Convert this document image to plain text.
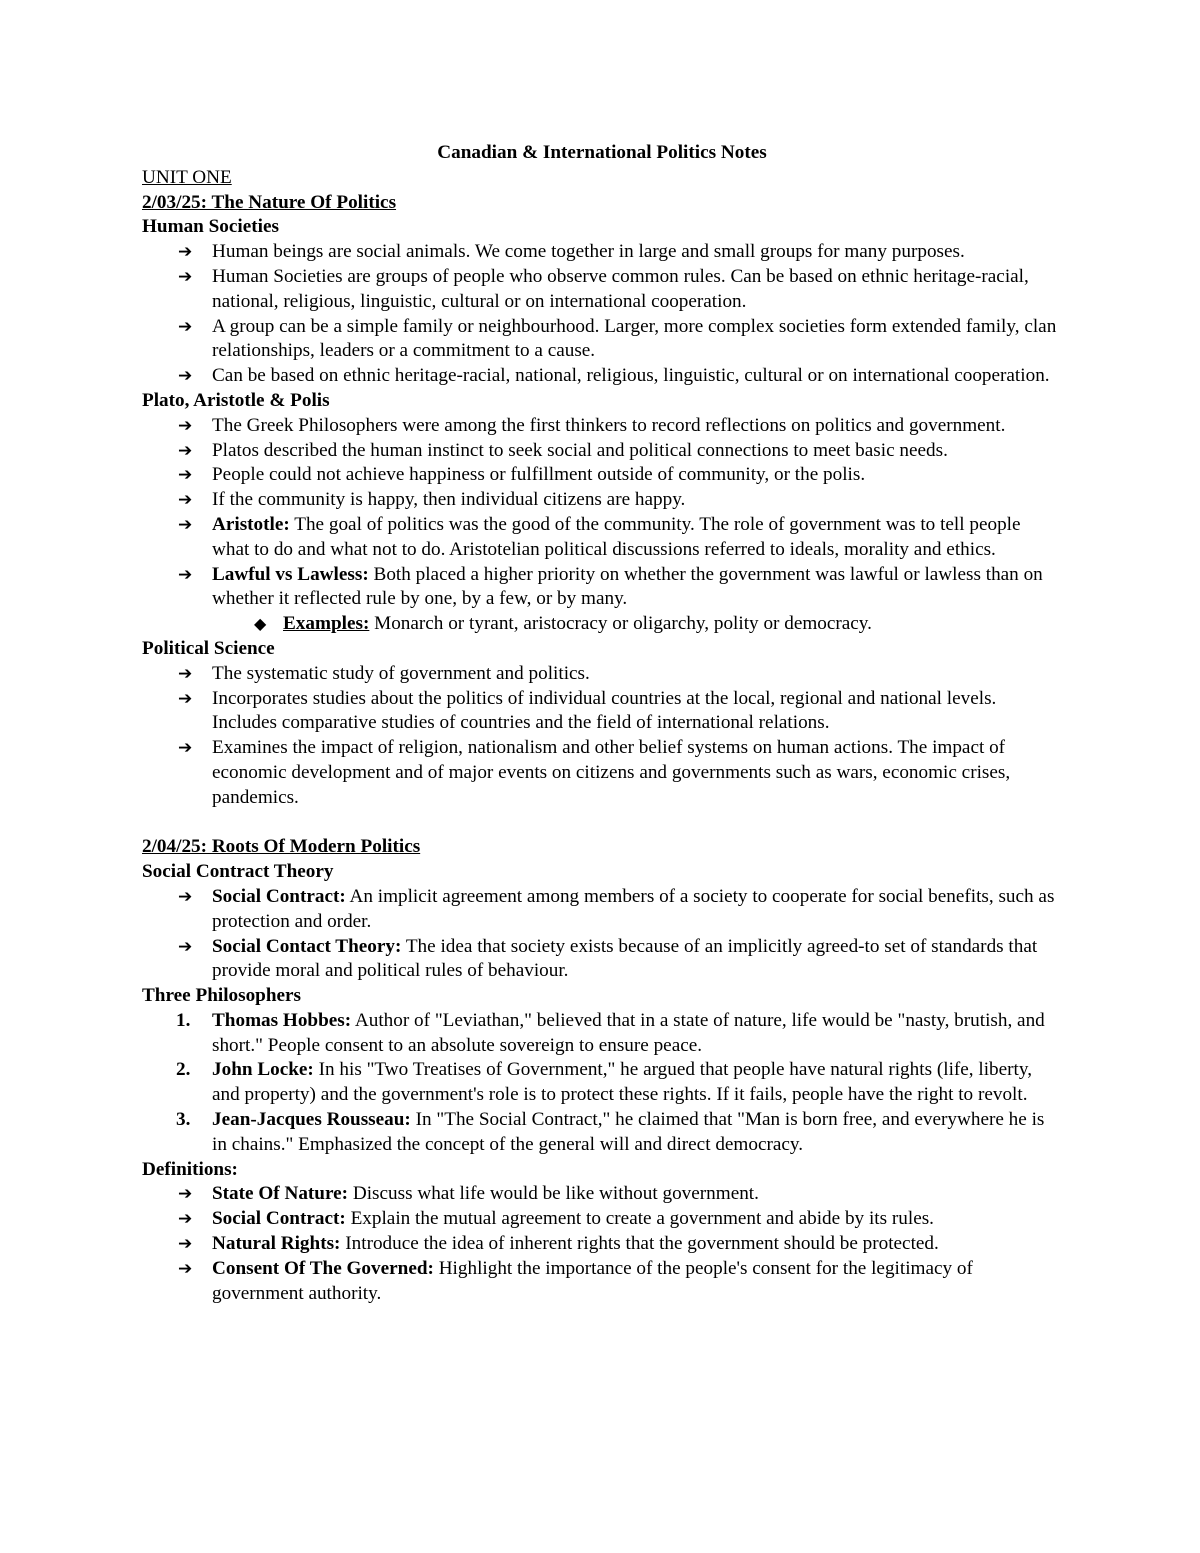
Canadian & International Politics Notes

UNIT ONE

2/03/25: The Nature Of Politics

Human Societies

➔	Human beings are social animals. We come together in large and small groups for many purposes.
➔	Human Societies are groups of people who observe common rules. Can be based on ethnic heritage-racial, national, religious, linguistic, cultural or on international cooperation.
➔	A group can be a simple family or neighbourhood. Larger, more complex societies form extended family, clan relationships, leaders or a commitment to a cause.
➔	Can be based on ethnic heritage-racial, national, religious, linguistic, cultural or on international cooperation.

Plato, Aristotle & Polis

➔	The Greek Philosophers were among the first thinkers to record reflections on politics and government.
➔	Platos described the human instinct to seek social and political connections to meet basic needs.
➔	People could not achieve happiness or fulfillment outside of community, or the polis.
➔	If the community is happy, then individual citizens are happy.
➔	Aristotle: The goal of politics was the good of the community. The role of government was to tell people what to do and what not to do. Aristotelian political discussions referred to ideals, morality and ethics.
➔	Lawful vs Lawless: Both placed a higher priority on whether the government was lawful or lawless than on whether it reflected rule by one, by a few, or by many.
◆ Examples: Monarch or tyrant, aristocracy or oligarchy, polity or democracy.

Political Science

➔	The systematic study of government and politics.
➔	Incorporates studies about the politics of individual countries at the local, regional and national levels. Includes comparative studies of countries and the field of international relations.
➔	Examines the impact of religion, nationalism and other belief systems on human actions. The impact of economic development and of major events on citizens and governments such as wars, economic crises, pandemics.

2/04/25: Roots Of Modern Politics

Social Contract Theory

➔	Social Contract: An implicit agreement among members of a society to cooperate for social benefits, such as protection and order.
➔	Social Contact Theory: The idea that society exists because of an implicitly agreed-to set of standards that provide moral and political rules of behaviour.

Three Philosophers

1. Thomas Hobbes: Author of "Leviathan," believed that in a state of nature, life would be "nasty, brutish, and short." People consent to an absolute sovereign to ensure peace.
2. John Locke: In his "Two Treatises of Government," he argued that people have natural rights (life, liberty, and property) and the government's role is to protect these rights. If it fails, people have the right to revolt.
3. Jean-Jacques Rousseau: In "The Social Contract," he claimed that "Man is born free, and everywhere he is in chains." Emphasized the concept of the general will and direct democracy.

Definitions:

➔	State Of Nature: Discuss what life would be like without government.
➔	Social Contract: Explain the mutual agreement to create a government and abide by its rules.
➔	Natural Rights: Introduce the idea of inherent rights that the government should be protected.
➔	Consent Of The Governed: Highlight the importance of the people's consent for the legitimacy of government authority.
